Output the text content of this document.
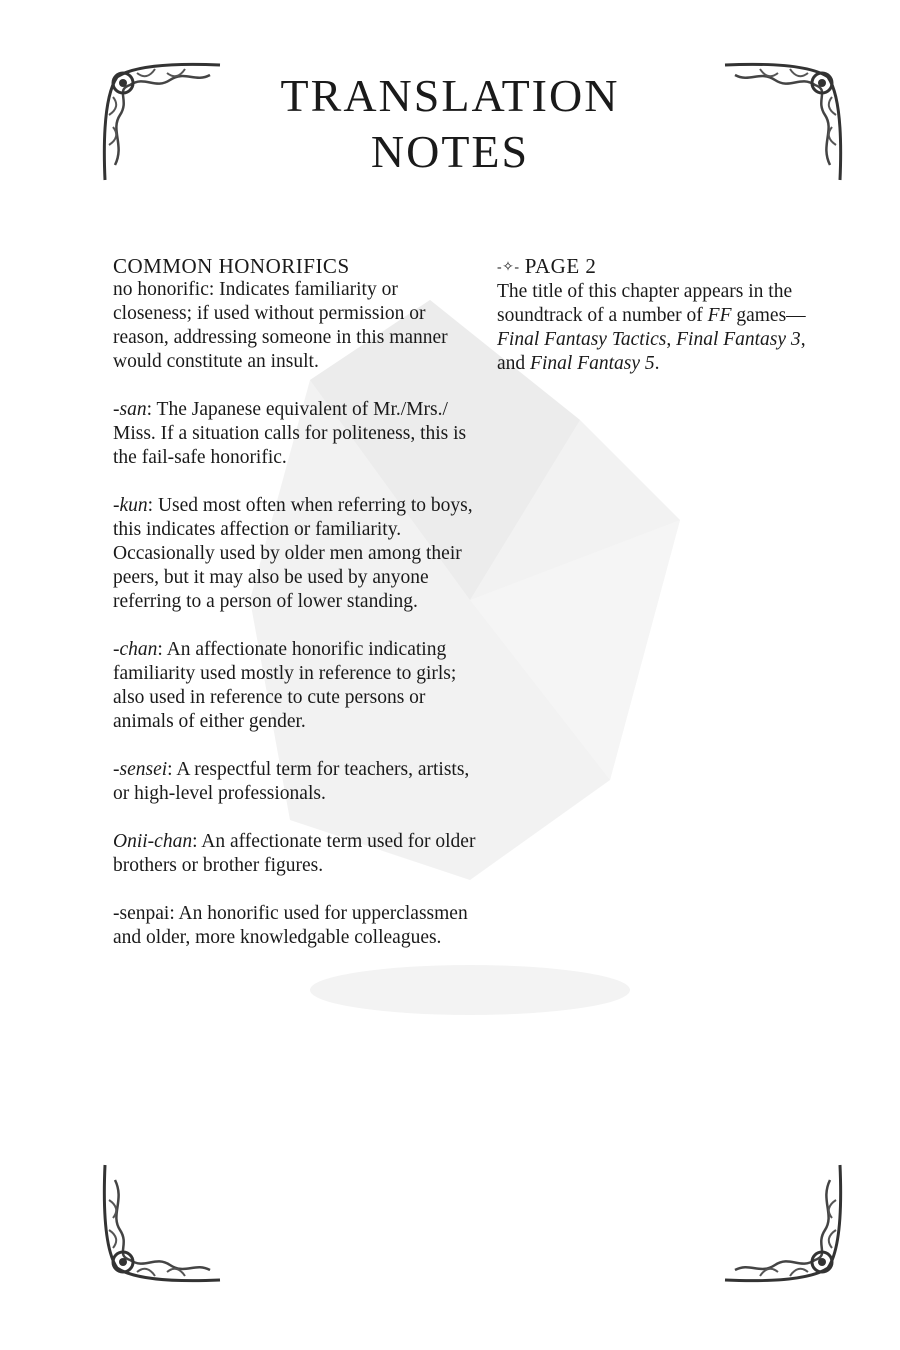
TRANSLATION
NOTES

COMMON HONORIFICS

no honorific: Indicates familiarity or closeness; if used without permission or reason, addressing someone in this manner would constitute an insult.

-san: The Japanese equivalent of Mr./Mrs./ Miss. If a situation calls for politeness, this is the fail-safe honorific.

-kun: Used most often when referring to boys, this indicates affection or familiarity. Occasionally used by older men among their peers, but it may also be used by anyone referring to a person of lower standing.

-chan: An affectionate honorific indicating familiarity used mostly in reference to girls; also used in reference to cute persons or animals of either gender.

-sensei: A respectful term for teachers, artists, or high-level professionals.

Onii-chan: An affectionate term used for older brothers or brother figures.

-senpai: An honorific used for upperclassmen and older, more knowledgable colleagues.

-✧- PAGE 2

The title of this chapter appears in the soundtrack of a number of FF games—Final Fantasy Tactics, Final Fantasy 3, and Final Fantasy 5.
